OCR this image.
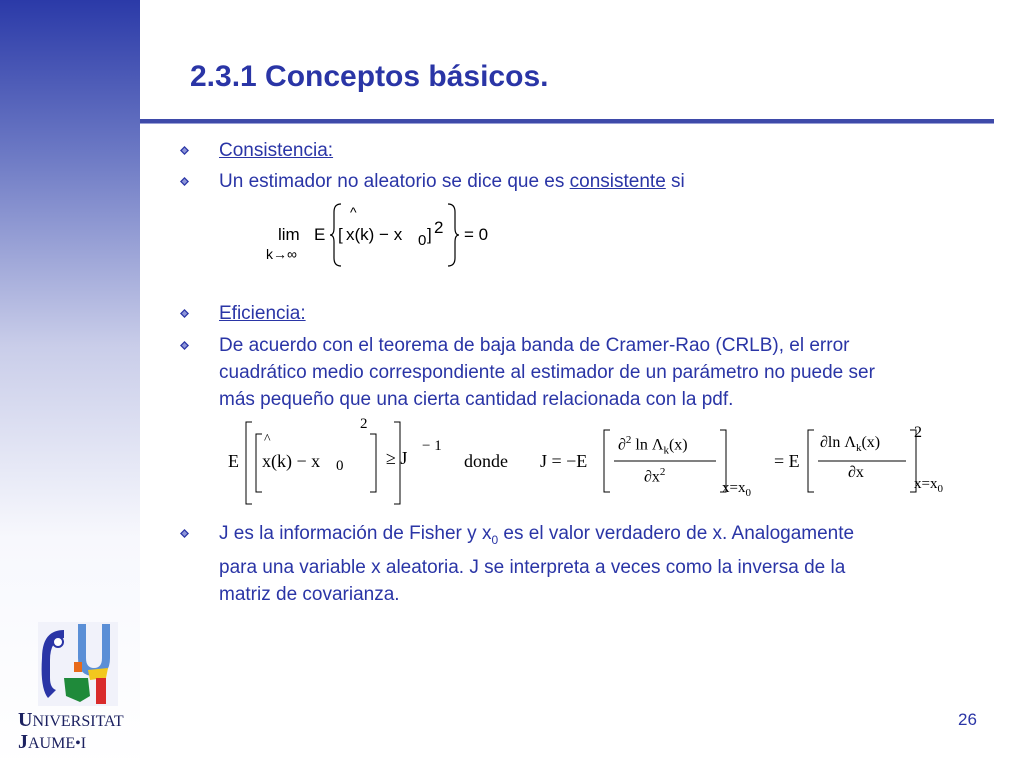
2.3.1 Conceptos básicos.
Consistencia:
Un estimador no aleatorio se dice que es consistente si
lim
k→∞
E [
^
x(k) − x 0 ] 2 = 0
Eficiencia:
De acuerdo con el teorema de baja banda de Cramer-Rao (CRLB), el error
cuadrático medio correspondiente al estimador de un parámetro no puede ser
más pequeño que una cierta cantidad relacionada con la pdf.
E
^
x(k) − x 0
2
≥ J
− 1
donde J = −E
∂$^2$ $\ln \Lambda_k(x)$
$\partial x^2$
$x=x_0$
= E
∂ln $\Lambda_k(x)$
∂x
2
$x=x_0$
J es la información de Fisher y $x_0$ es el valor verdadero de x. Analogamente
para una variable x aleatoria. J se interpreta a veces como la inversa de la
matriz de covarianza.
UNIVERSITAT
JAUME•I
26
